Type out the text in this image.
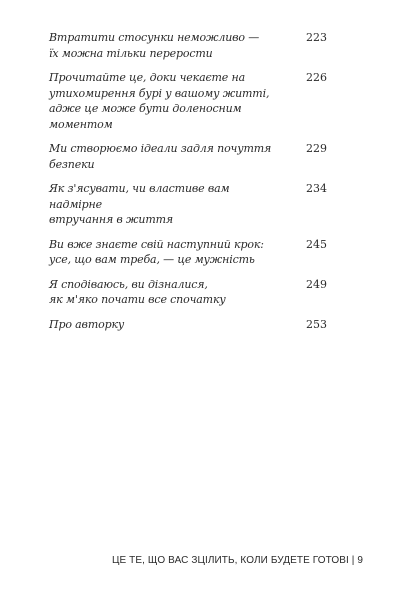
Втратити стосунки неможливо —
їх можна тільки перерости
223
Прочитайте це, доки чекаєте на
утихомирення бурі у вашому житті,
адже це може бути доленосним моментом
226
Ми створюємо ідеали задля почуття безпеки
229
Як з'ясувати, чи властиве вам надмірне
втручання в життя
234
Ви вже знаєте свій наступний крок:
усе, що вам треба, — це мужність
245
Я сподіваюсь, ви дізналися,
як м'яко почати все спочатку
249
Про авторку	253
ЦЕ ТЕ, ЩО ВАС ЗЦІЛИТЬ, КОЛИ БУДЕТЕ ГОТОВІ | 9
